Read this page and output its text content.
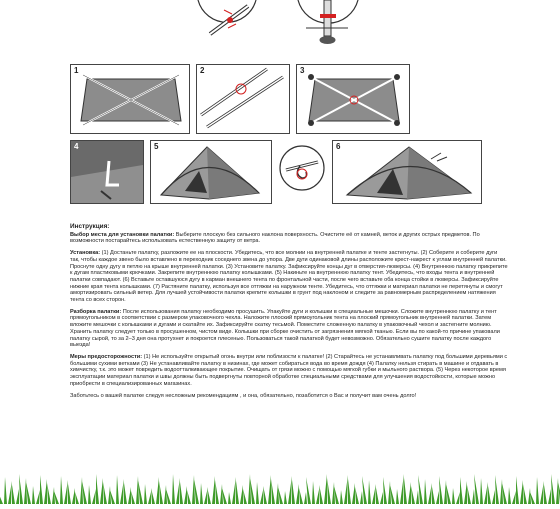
1	2	3
4	5	6
Инструкция:

Выбор места для установки палатки: Выберите плоскую без сильного наклона поверхность. Очистите её от камней, веток и других острых предметов. По возможности постарайтесь использовать естественную защиту от ветра.

Установка: (1) Достаньте палатку, разложите ее на плоскости. Убедитесь, что все молнии на внутренней палатке и тенте застегнуты. (2) Соберите и соберите дуги так, чтобы каждое звено было вставлено в переходник соседнего звена до упора. Две дуги одинаковой длины расположите крест-накрест к углам внутренней палатки. Проснуте одну дугу в петлю на крыше внутренней палатки. (3) Установите палатку. Зафиксируйте концы дуг в отверстия-люверсы. (4) Внутреннюю палатку прикрепите к дугам пластиковыми крючками. Закрепите внутреннюю палатку колышками. (5) Накиньте на внутреннюю палатку тент. Убедитесь, что входы тента и внутренней палатки совпадают. (6) Вставьте оставшуюся дугу в карман внешнего тента по фронтальной части, после чего вставьте оба конца стойки в люверсы. Зафиксируйте нижние края тента колышками. (7) Растяните палатку, используя все оттяжки на наружном тенте. Убедитесь, что оттяжки и материал палатки не перетянуты и смогут амортизировать сильный ветер. Для лучшей устойчивости палатки крепите колышки в грунт под наклоном и следите за равномерным распределением натяжения тента со всех сторон.

Разборка палатки: После использования палатку необходимо просушить. Упакуйте дуги и колышки в специальные мешочки. Сложите внутреннюю палатку и тент прямоугольником в соответствии с размером упаковочного чехла. Наложите плоский прямоугольник тента на плоский прямоугольник внутренней палатки. Затем вложите мешочки с колышками и дугами и скатайте их. Зафиксируйте скатку тесьмой. Поместите сложенную палатку в упаковочный чехол и застегните молнию. Хранить палатку следует только в просушенном, чистом виде. Колышки при сборке очистить от загрязнения мягкой тканью. Если вы по какой-то причине упаковали палатку сырой, то за 2–3 дня она протухнет и покроется плесенью. Пользоваться такой палаткой будет невозможно. Обязательно сушите палатку после каждого выезда!

Меры предосторожности: (1) Не используйте открытый огонь внутри или поблизости к палатке! (2) Старайтесь не устанавливать палатку под большими деревьями с большими сухими ветками (3) Не устанавливайте палатку в низинах, где может собираться вода во время дождя (4) Палатку нельзя стирать в машине и отдавать в химчистку, т.к. это может повредить водоотталкивающее покрытие. Очищать от грязи можно с помощью мягкой губки и мыльного раствора. (5) Через некоторое время эксплуатации материал палатки и швы должны быть подвергнуты повторной обработке специальными средствами для улучшения водостойкости, которые можно приобрести в специализированных магазинах.

Заботьтесь о вашей палатке следуя несложным рекомендациям , и она, обязательно, позаботится о Вас и получит вам очень долго!
